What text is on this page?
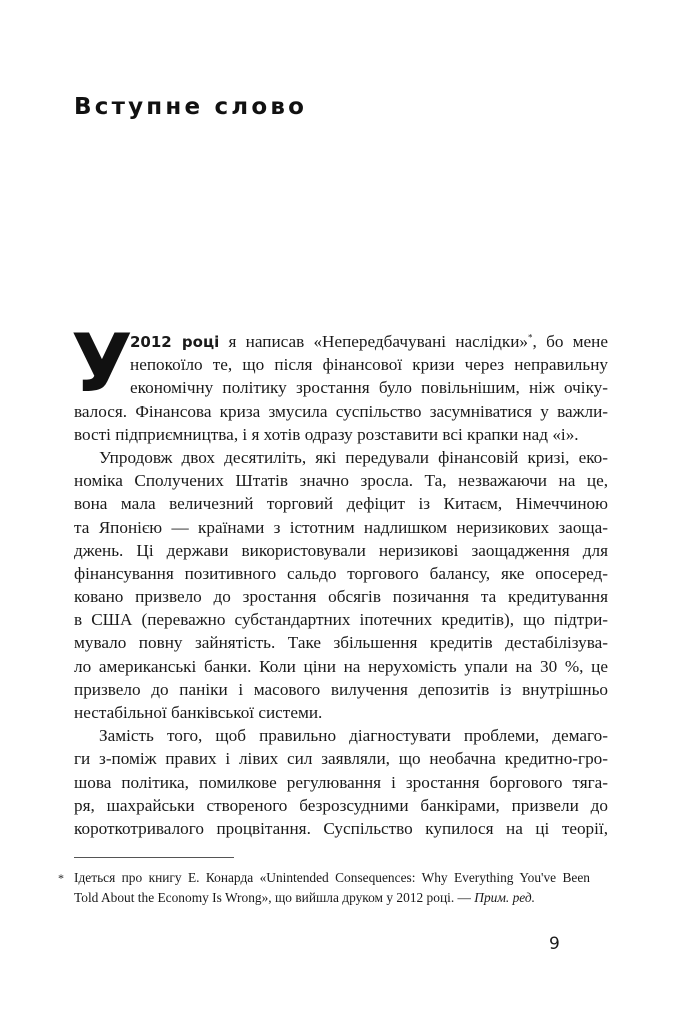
Вступне слово
У
2012 році я написав «Непередбачувані наслідки»*, бо мене
непокоїло те, що після фінансової кризи через неправильну
економічну політику зростання було повільнішим, ніж очіку-
валося. Фінансова криза змусила суспільство засумніватися у важли-
вості підприємництва, і я хотів одразу розставити всі крапки над «і».
Упродовж двох десятиліть, які передували фінансовій кризі, еко-
номіка Сполучених Штатів значно зросла. Та, незважаючи на це,
вона мала величезний торговий дефіцит із Китаєм, Німеччиною
та Японією — країнами з істотним надлишком неризикових заоща-
джень. Ці держави використовували неризикові заощадження для
фінансування позитивного сальдо торгового балансу, яке опосеред-
ковано призвело до зростання обсягів позичання та кредитування
в США (переважно субстандартних іпотечних кредитів), що підтри-
мувало повну зайнятість. Таке збільшення кредитів дестабілізува-
ло американські банки. Коли ціни на нерухомість упали на 30 %, це
призвело до паніки і масового вилучення депозитів із внутрішньо
нестабільної банківської системи.
Замість того, щоб правильно діагностувати проблеми, демаго-
ги з-поміж правих і лівих сил заявляли, що необачна кредитно-гро-
шова політика, помилкове регулювання і зростання боргового тяга-
ря, шахрайськи створеного безрозсудними банкірами, призвели до
короткотривалого процвітання. Суспільство купилося на ці теорії,
* Ідеться про книгу Е. Конарда «Unintended Consequences: Why Everything You've Been
Told About the Economy Is Wrong», що вийшла друком у 2012 році. — Прим. ред.
9
